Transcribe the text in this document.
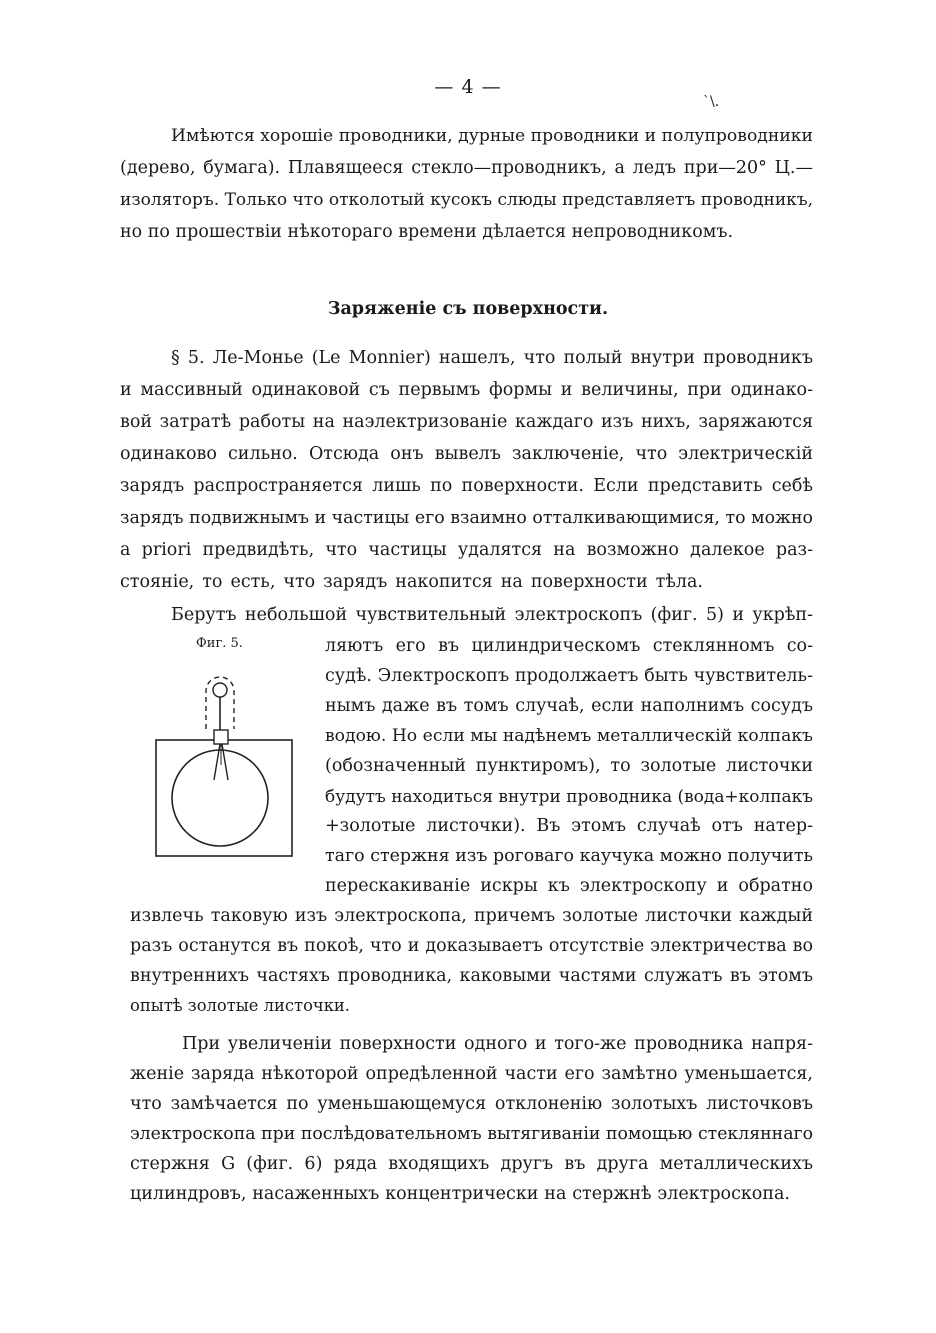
— 4 —
`\.
Имѣются хорошіе проводники, дурные проводники и полупроводники
(дерево, бумага). Плавящееся стекло—проводникъ, а ледъ при—20° Ц.—
изоляторъ. Только что отколотый кусокъ слюды представляетъ проводникъ,
но по прошествіи нѣкотораго времени дѣлается непроводникомъ.
Заряженіе съ поверхности.
§ 5. Ле-Монье (Le Monnier) нашелъ, что полый внутри проводникъ
и массивный одинаковой съ первымъ формы и величины, при одинако-
вой затратѣ работы на наэлектризованіе каждаго изъ нихъ, заряжаются
одинаково сильно. Отсюда онъ вывелъ заключеніе, что электрическій
зарядъ распространяется лишь по поверхности. Если представить себѣ
зарядъ подвижнымъ и частицы его взаимно отталкивающимися, то можно
a priori предвидѣть, что частицы удалятся на возможно далекое раз-
стояніе, то есть, что зарядъ накопится на поверхности тѣла.
Берутъ небольшой чувствительный электроскопъ (фиг. 5) и укрѣп-
Фиг. 5.	ляютъ его въ цилиндрическомъ стеклянномъ со-
судѣ. Электроскопъ продолжаетъ быть чувствитель-
нымъ даже въ томъ случаѣ, если наполнимъ сосудъ
водою. Но если мы надѣнемъ металлическій колпакъ
(обозначенный пунктиромъ), то золотые листочки
будутъ находиться внутри проводника (вода+колпакъ
+золотые листочки). Въ этомъ случаѣ отъ натер-
таго стержня изъ роговаго каучука можно получить
перескакиваніе искры къ электроскопу и обратно
извлечь таковую изъ электроскопа, причемъ золотые листочки каждый
разъ останутся въ покоѣ, что и доказываетъ отсутствіе электричества во
внутреннихъ частяхъ проводника, каковыми частями служатъ въ этомъ
опытѣ золотые листочки.
При увеличеніи поверхности одного и того-же проводника напря-
женіе заряда нѣкоторой опредѣленной части его замѣтно уменьшается,
что замѣчается по уменьшающемуся отклоненію золотыхъ листочковъ
электроскопа при послѣдовательномъ вытягиваніи помощью стекляннаго
стержня G (фиг. 6) ряда входящихъ другъ въ друга металлическихъ
цилиндровъ, насаженныхъ концентрически на стержнѣ электроскопа.
